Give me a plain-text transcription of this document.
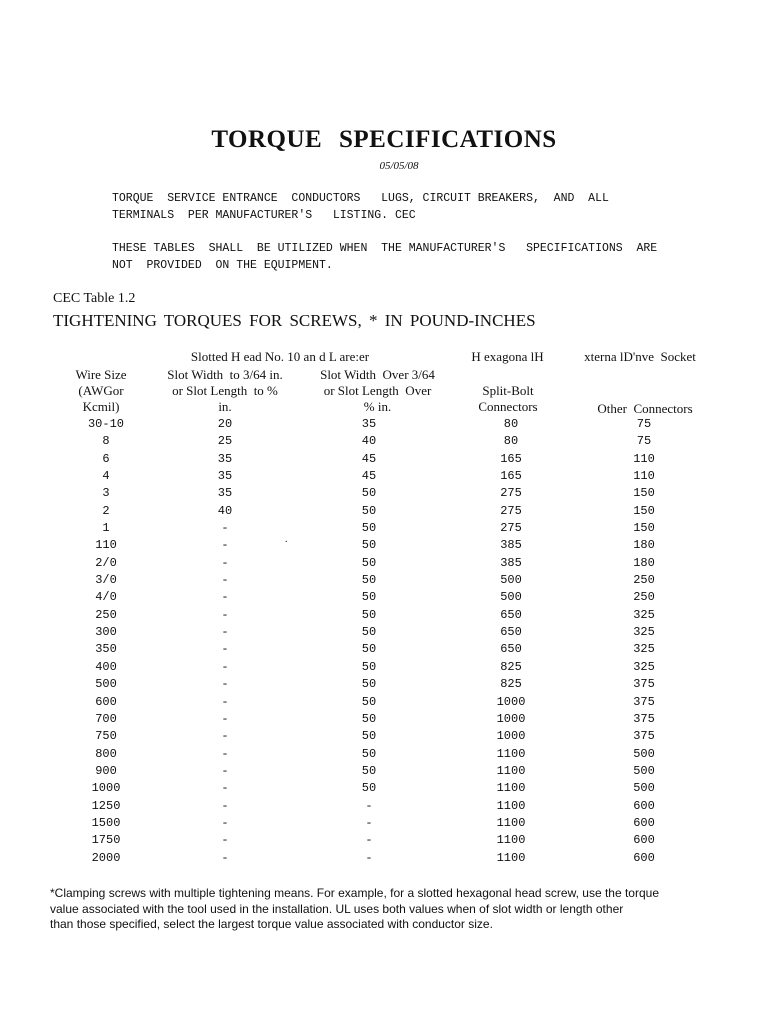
TORQUE SPECIFICATIONS
05/05/08
TORQUE  SERVICE ENTRANCE  CONDUCTORS   LUGS, CIRCUIT BREAKERS,  AND  ALL
TERMINALS  PER MANUFACTURER'S   LISTING. CEC
THESE TABLES  SHALL  BE UTILIZED WHEN  THE MANUFACTURER'S   SPECIFICATIONS  ARE
NOT  PROVIDED  ON THE EQUIPMENT.
CEC Table 1.2
TIGHTENING TORQUES FOR SCREWS, * IN POUND-INCHES
Slotted H ead No. 10 an d L are:er
Wire Size
(AWGor
Kcmil)
Slot Width  to 3/64 in.
or Slot Length  to %
in.
Slot Width  Over 3/64
or Slot Length  Over
% in.
H exagona lH
Split-Bolt
Connectors
xterna lD'nve  Socket
Other  Connectors
30-10	20	35	80	75
8	25	40	80	75
6	35	45	165	110
4	35	45	165	110
3	35	50	275	150
2	40	50	275	150
1	-	50	275	150
110	-	50	385	180
2/0	-	50	385	180
3/0	-	50	500	250
4/0	-	50	500	250
250	-	50	650	325
300	-	50	650	325
350	-	50	650	325
400	-	50	825	325
500	-	50	825	375
600	-	50	1000	375
700	-	50	1000	375
750	-	50	1000	375
800	-	50	1100	500
900	-	50	1100	500
1000	-	50	1100	500
1250	-	-	1100	600
1500	-	-	1100	600
1750	-	-	1100	600
2000	-	-	1100	600
.
*Clamping screws with multiple tightening means. For example, for a slotted hexagonal head screw, use the torque
value associated with the tool used in the installation. UL uses both values when of slot width or length other
than those specified, select the largest torque value associated with conductor size.
